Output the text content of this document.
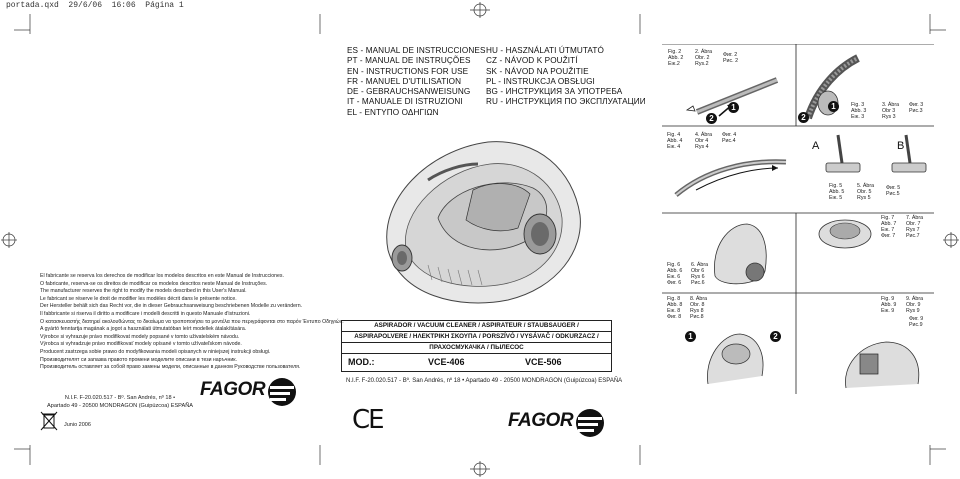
portada.qxd 29/6/06 16:06 Página 1
ES - MANUAL DE INSTRUCCIONES
PT - MANUAL DE INSTRUÇÕES
EN - INSTRUCTIONS FOR USE
FR - MANUEL D'UTILISATION
DE - GEBRAUCHSANWEISUNG
IT - MANUALE DI ISTRUZIONI
EL - ΕΝΤΥΠΟ ΟΔΗΓΙΩΝ
HU - HASZNÁLATI ÚTMUTATÓ
CZ - NÁVOD K POUŽITÍ
SK - NÁVOD NA POUŽITIE
PL - INSTRUKCJA OBSŁUGI
BG - ИНСТРУКЦИЯ ЗА УПОТРЕБА
RU - ИНСТРУКЦИЯ ПО ЭКСПЛУАТАЦИИ
El fabricante se reserva los derechos de modificar los modelos descritos en este Manual de Instrucciones.
O fabricante, reserva-se os direitos de modificar os modelos descritos neste Manual de Instruções.
The manufacturer reserves the right to modify the models described in this User's Manual.
Le fabricant se réserve le droit de modifier les modèles décrit dans le présente notice.
Der Hersteller behält sich das Recht vor, die in dieser Gebrauchsanweisung beschriebenen Modelle zu verändern.
Il fabbricante si riserva il diritto a modificare i modelli descritti in questo Manuale d'istruzioni.
Ο κατασκευαστής διατηρεί ακολουθώντας το δικαίωμα να τροποποιήσει τα μοντέλα που περιγράφονται στο παρόν Έντυπο Οδηγιών.
A gyártó fenntartja magának a jogot a használati útmutatóban leírt modellek átalakítására.
Výrobce si vyhrazuje právo modifikovat modely popsané v tomto uživatelském návodu.
Výrobca si vyhradzuje právo modifikovať modely opísané v tomto užívateľskom návode.
Producent zastrzega sobie prawo do modyfikowania modeli opisanych w niniejszej instrukcji obsługi.
Производителят си запазва правото промени моделите описани в тези наръчник.
Производитель оставляет за собой право замены модели, описанные в данном Руководстве пользователя.
N.I.F. F-20.020.517 - Bº. San Andrés, nº 18 •
Apartado 49 - 20500 MONDRAGON (Guipúzcoa) ESPAÑA
FAGOR
Junio 2006
ASPIRADOR / VACUUM CLEANER / ASPIRATEUR / STAUBSAUGER /
ASPIRAPOLVERE / ΗΛΕΚΤΡΙΚΗ ΣΚΟΥΠΑ / PORSZÍVÓ / VYSÁVAČ / ODKURZACZ /
ПРАХОСМУКАЧКА / ПЫЛЕСОС
MOD.:	VCE-406	VCE-506
N.I.F. F-20.020.517 - Bº. San Andrés, nº 18 • Apartado 49 - 20500 MONDRAGON (Guipúzcoa) ESPAÑA
CE	FAGOR
Fig. 2
Abb. 2
Εικ.2
2. Ábra
Obr. 2
Rys.2
Фиг. 2
Рис. 2
1
2
1
2
Fig. 3
Abb. 3
Εικ. 3
3. Ábra
Obr 3
Rys 3
Фиг. 3
Рис.3
Fig. 4
Abb. 4
Εικ. 4
4. Ábra
Obr 4
Rys 4
Фиг. 4
Рис.4	A	B
Fig. 5
Abb. 5
Εικ. 5
5. Ábra
Obr. 5
Rys 5
Фиг. 5
Рис.5
Fig. 7
Abb. 7
Εικ. 7
Фиг. 7
7. Ábra
Obr. 7
Rys 7
Рис.7
Fig. 6
Abb. 6
Εικ. 6
Фиг. 6
6. Ábra
Obr 6
Rys 6
Рис.6
Fig. 8
Abb. 8
Εικ. 8
Фиг. 8
8. Ábra
Obr. 8
Rys 8
Рис.8
1	2
Fig. 9
Abb. 9
Εικ. 9
9. Ábra
Obr. 9
Rys 9
Фиг. 9
Рис.9
